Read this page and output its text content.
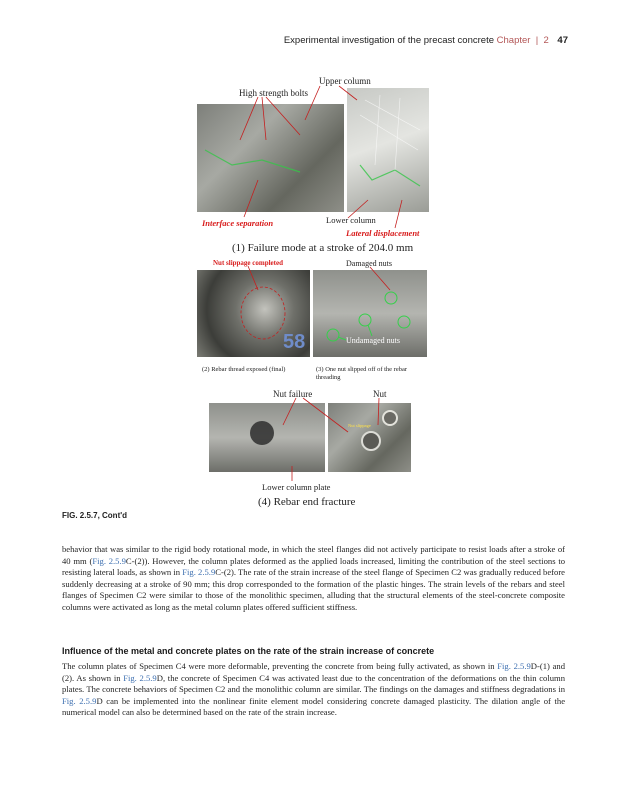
Experimental investigation of the precast concrete Chapter  |  2 47
Upper column
High strength bolts
Interface separation	Lower column
Lateral displacement
(1) Failure mode at a stroke of 204.0 mm
Nut slippage completed
58
(2) Rebar thread exposed (final)
Damaged nuts
Undamaged nuts
(3) One nut slipped off of the rebar threading
Nut failure	Nut
Nut slippage
Lower column plate
(4) Rebar end fracture
FIG. 2.5.7, Cont'd

behavior that was similar to the rigid body rotational mode, in which the steel flanges did not actively participate to resist loads after a stroke of 40 mm (Fig. 2.5.9C-(2)). However, the column plates deformed as the applied loads increased, limiting the contribution of the steel sections to resisting lateral loads, as shown in Fig. 2.5.9C-(2). The rate of the strain increase of the steel flange of Specimen C2 was gradually reduced before suddenly decreasing at a stroke of 90 mm; this drop corresponded to the formation of the plastic hinges. The strain levels of the rebars and steel flanges of Specimen C2 were similar to those of the monolithic specimen, alluding that the structural elements of the steel-concrete composite columns were activated as long as the metal column plates offered sufficient stiffness.

Influence of the metal and concrete plates on the rate of the strain increase of concrete

The column plates of Specimen C4 were more deformable, preventing the concrete from being fully activated, as shown in Fig. 2.5.9D-(1) and (2). As shown in Fig. 2.5.9D, the concrete of Specimen C4 was activated least due to the concentration of the deformations on the thin column plates. The concrete behaviors of Specimen C2 and the monolithic column are similar. The findings on the damages and stiffness degradations in Fig. 2.5.9D can be implemented into the nonlinear finite element model considering concrete damaged plasticity. The dilation angle of the numerical model can also be determined based on the rate of the strain increase.
